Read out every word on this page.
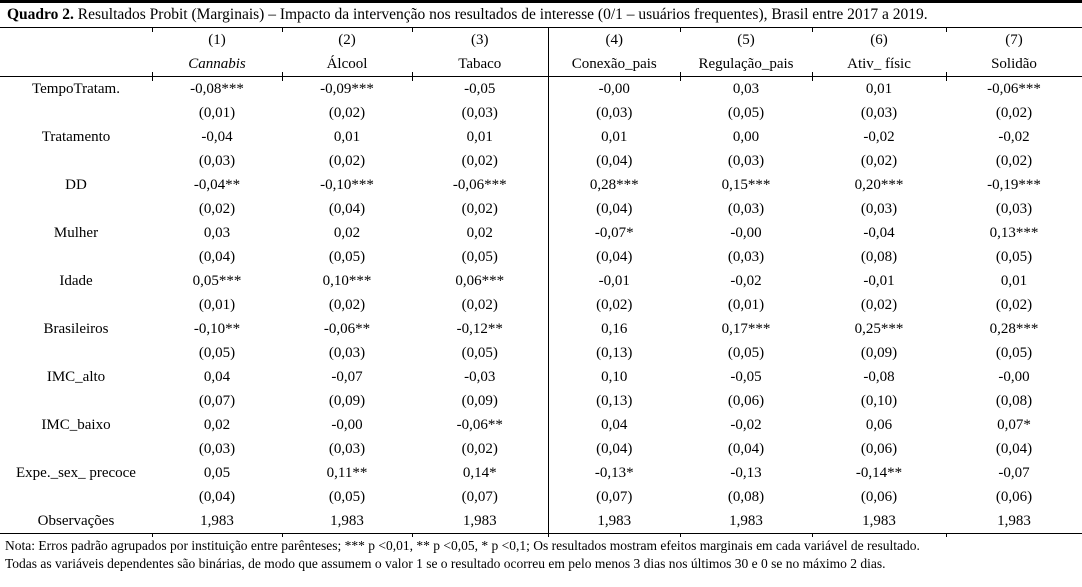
Quadro 2. Resultados Probit (Marginais) – Impacto da intervenção nos resultados de interesse (0/1 – usuários frequentes), Brasil entre 2017 a 2019.
	(1)	(2)	(3)	(4)	(5)	(6)	(7)
	Cannabis	Álcool	Tabaco	Conexão_pais	Regulação_pais	Ativ_ físic	Solidão
TempoTratam.	-0,08***	-0,09***	-0,05	-0,00	0,03	0,01	-0,06***
	(0,01)	(0,02)	(0,03)	(0,03)	(0,05)	(0,03)	(0,02)
Tratamento	-0,04	0,01	0,01	0,01	0,00	-0,02	-0,02
	(0,03)	(0,02)	(0,02)	(0,04)	(0,03)	(0,02)	(0,02)
DD	-0,04**	-0,10***	-0,06***	0,28***	0,15***	0,20***	-0,19***
	(0,02)	(0,04)	(0,02)	(0,04)	(0,03)	(0,03)	(0,03)
Mulher	0,03	0,02	0,02	-0,07*	-0,00	-0,04	0,13***
	(0,04)	(0,05)	(0,05)	(0,04)	(0,03)	(0,08)	(0,05)
Idade	0,05***	0,10***	0,06***	-0,01	-0,02	-0,01	0,01
	(0,01)	(0,02)	(0,02)	(0,02)	(0,01)	(0,02)	(0,02)
Brasileiros	-0,10**	-0,06**	-0,12**	0,16	0,17***	0,25***	0,28***
	(0,05)	(0,03)	(0,05)	(0,13)	(0,05)	(0,09)	(0,05)
IMC_alto	0,04	-0,07	-0,03	0,10	-0,05	-0,08	-0,00
	(0,07)	(0,09)	(0,09)	(0,13)	(0,06)	(0,10)	(0,08)
IMC_baixo	0,02	-0,00	-0,06**	0,04	-0,02	0,06	0,07*
	(0,03)	(0,03)	(0,02)	(0,04)	(0,04)	(0,06)	(0,04)
Expe._sex_ precoce	0,05	0,11**	0,14*	-0,13*	-0,13	-0,14**	-0,07
	(0,04)	(0,05)	(0,07)	(0,07)	(0,08)	(0,06)	(0,06)
Observações	1,983	1,983	1,983	1,983	1,983	1,983	1,983
Nota: Erros padrão agrupados por instituição entre parênteses; *** p <0,01, ** p <0,05, * p <0,1; Os resultados mostram efeitos marginais em cada variável de resultado.
Todas as variáveis dependentes são binárias, de modo que assumem o valor 1 se o resultado ocorreu em pelo menos 3 dias nos últimos 30 e 0 se no máximo 2 dias.
